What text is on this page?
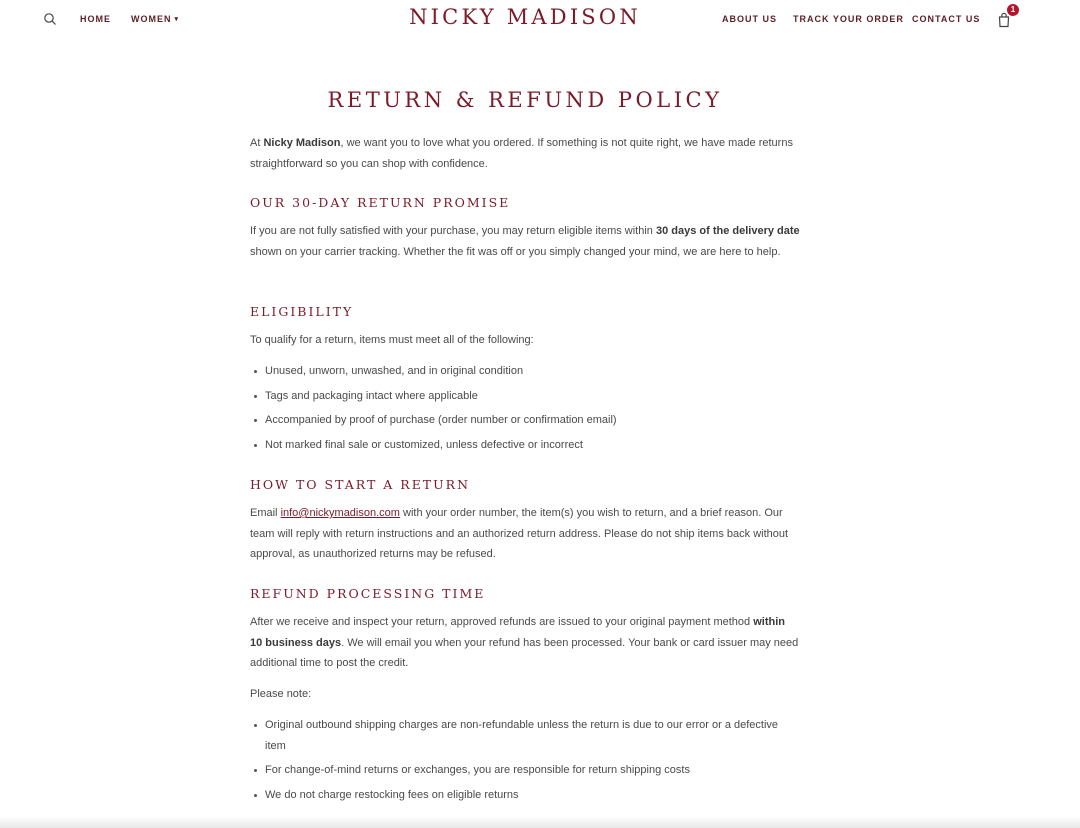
HOME WOMEN ▾	NICKY MADISON	ABOUT US TRACK YOUR ORDER CONTACT US
1
RETURN & REFUND POLICY

At Nicky Madison, we want you to love what you ordered. If something is not quite right, we have made returns straightforward so you can shop with confidence.

OUR 30-DAY RETURN PROMISE

If you are not fully satisfied with your purchase, you may return eligible items within 30 days of the delivery date shown on your carrier tracking. Whether the fit was off or you simply changed your mind, we are here to help.

ELIGIBILITY

To qualify for a return, items must meet all of the following:

Unused, unworn, unwashed, and in original condition

Tags and packaging intact where applicable

Accompanied by proof of purchase (order number or confirmation email)

Not marked final sale or customized, unless defective or incorrect

HOW TO START A RETURN

Email info@nickymadison.com with your order number, the item(s) you wish to return, and a brief reason. Our team will reply with return instructions and an authorized return address. Please do not ship items back without approval, as unauthorized returns may be refused.

REFUND PROCESSING TIME

After we receive and inspect your return, approved refunds are issued to your original payment method within 10 business days. We will email you when your refund has been processed. Your bank or card issuer may need additional time to post the credit.

Please note:

Original outbound shipping charges are non-refundable unless the return is due to our error or a defective item

For change-of-mind returns or exchanges, you are responsible for return shipping costs

We do not charge restocking fees on eligible returns
